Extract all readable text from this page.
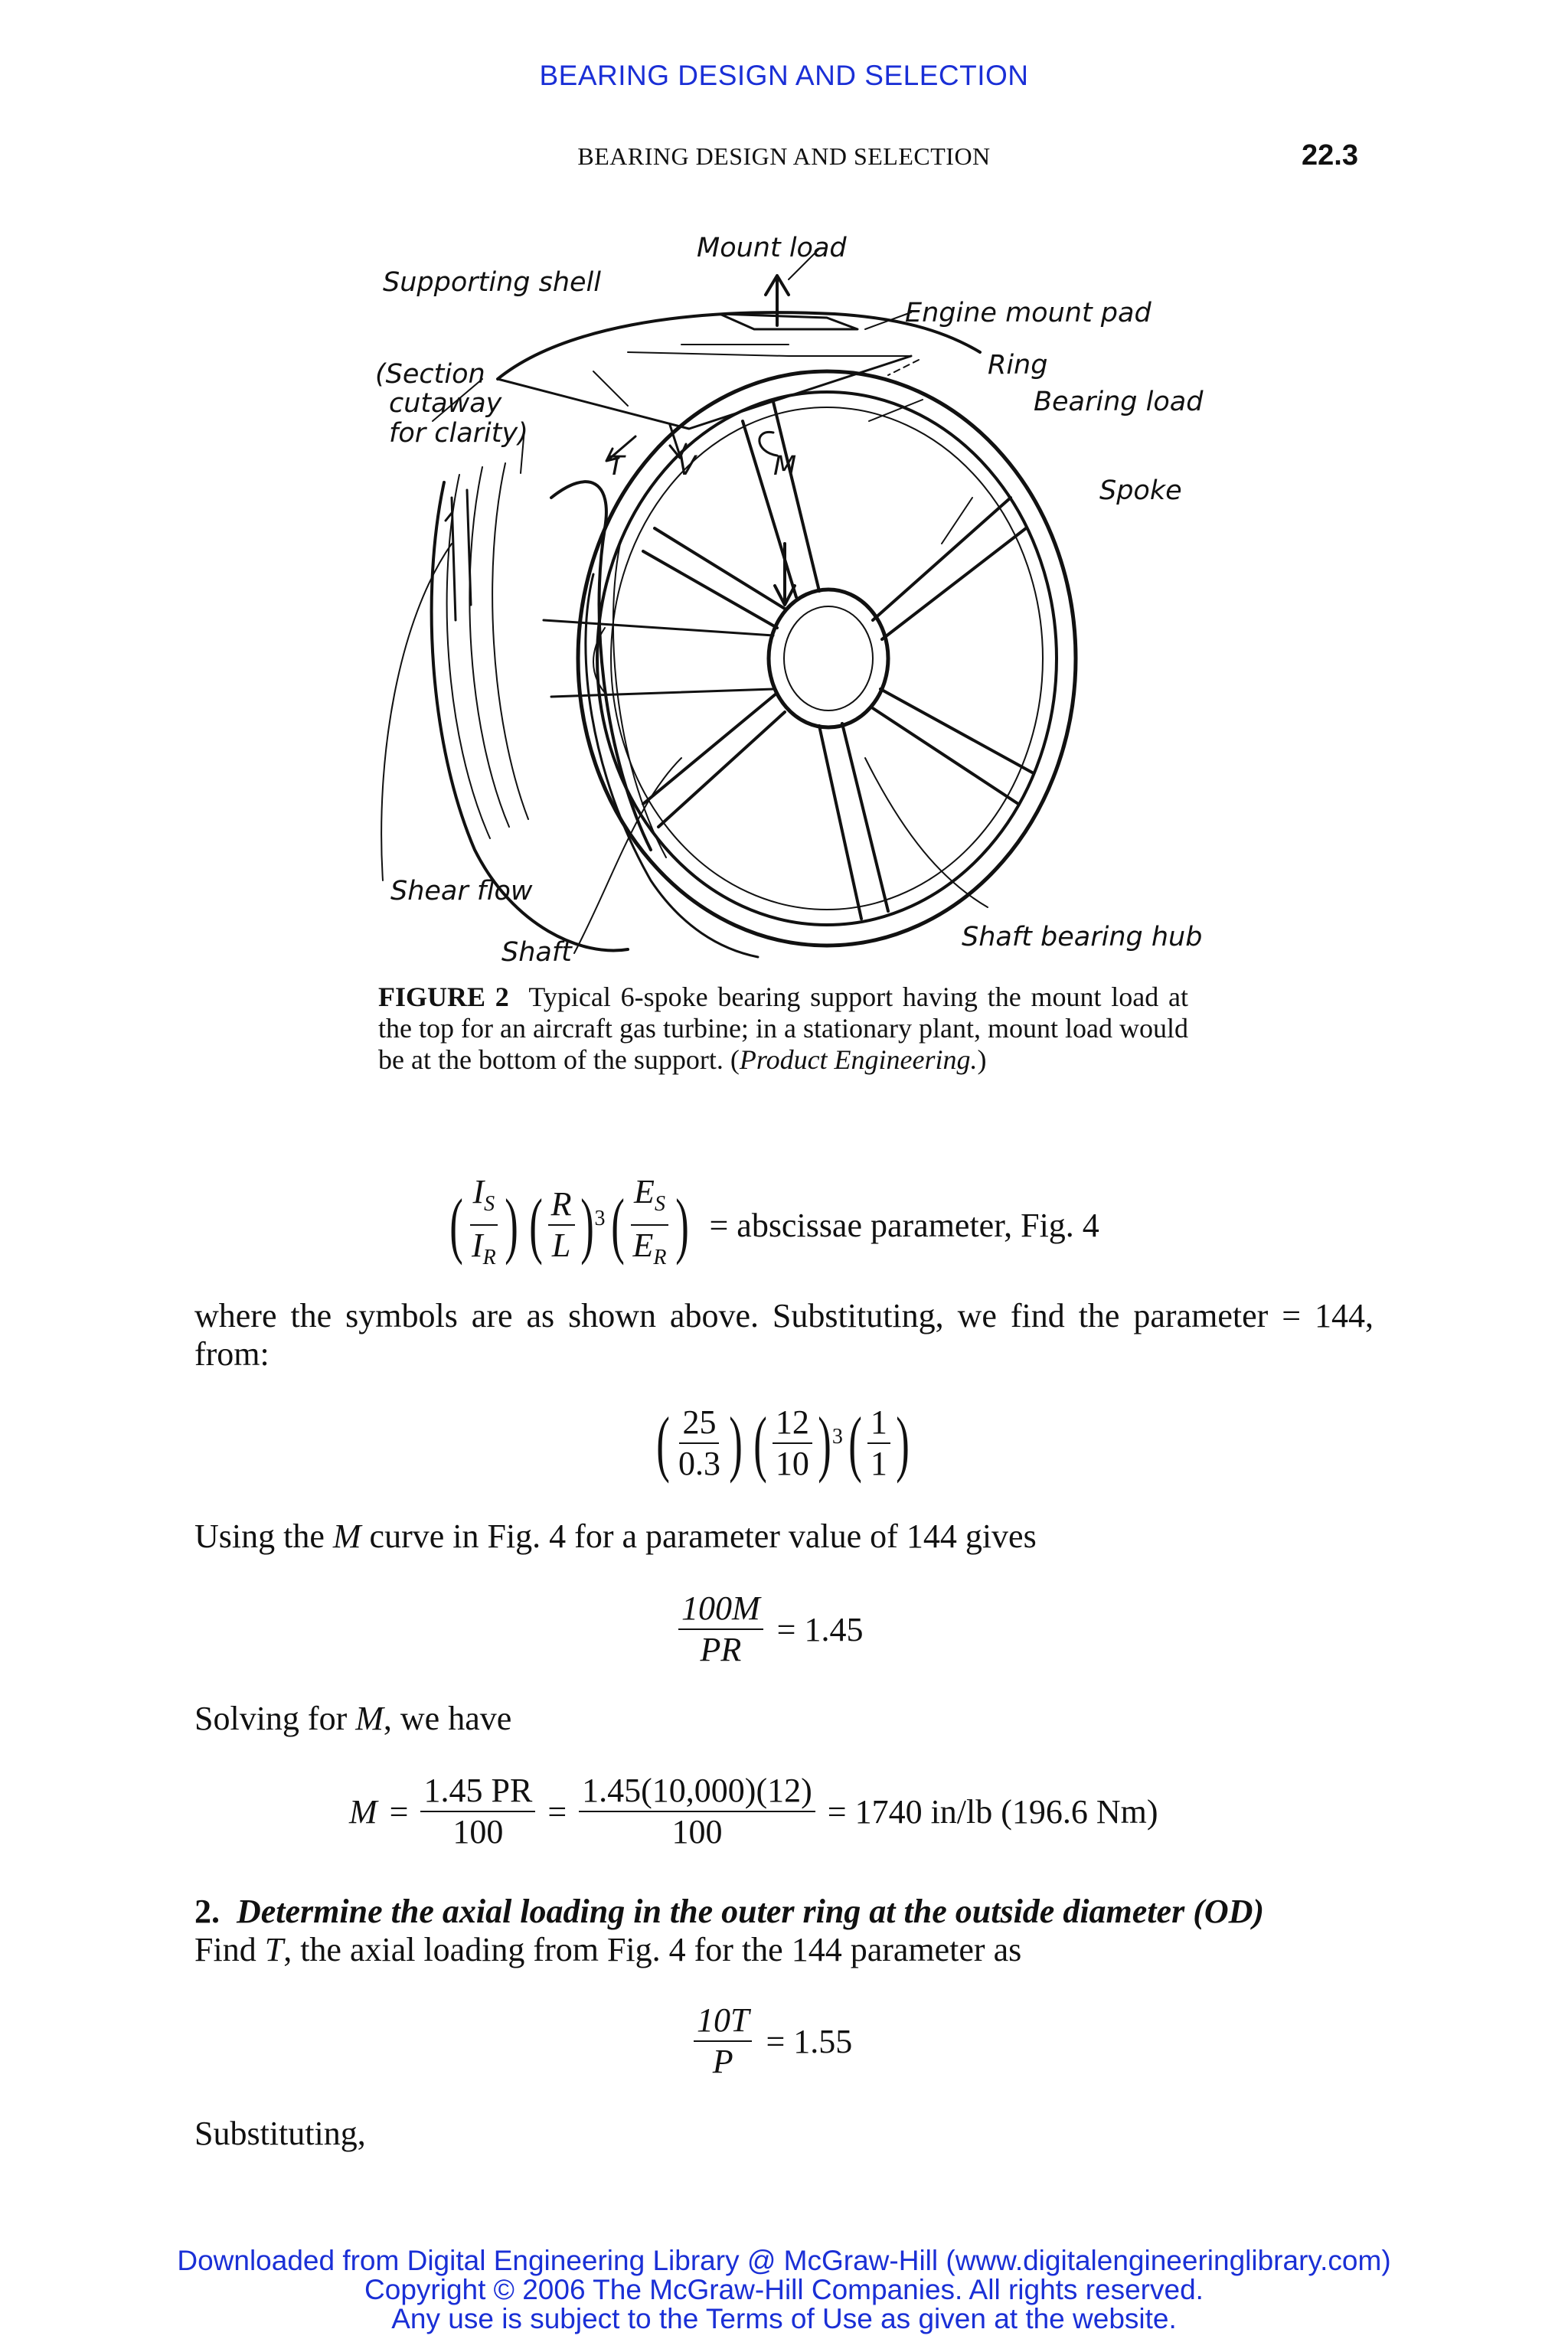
BEARING DESIGN AND SELECTION
BEARING DESIGN AND SELECTION	22.3
Mount load
Supporting shell
Engine mount pad
(Section
cutaway
for clarity)
Ring
Bearing load
T V	M
Spoke
Shear flow
Shaft	Shaft bearing hub
FIGURE 2 Typical 6-spoke bearing support having the mount load at the top for an aircraft gas turbine; in a stationary plant, mount load would be at the bottom of the support. (Product Engineering.)
( $\frac{I_S}{I_R}$ ) ( $\frac{R}{L}$ ) 3 ( $\frac{E_S}{E_R}$ ) = abscissae parameter, Fig. 4
where the symbols are as shown above. Substituting, we find the parameter = 144, from:
( $\frac{25}{0.3}$ ) ( $\frac{12}{10}$ ) 3 ( $\frac{1}{1}$ )
Using the M curve in Fig. 4 for a parameter value of 144 gives
$\frac{100M}{PR} = 1.45$
Solving for M, we have
$M = \frac{1.45 PR}{100} = \frac{1.45(10,000)(12)}{100} = 1740$ in/lb (196.6 Nm)
2. Determine the axial loading in the outer ring at the outside diameter (OD)
Find T, the axial loading from Fig. 4 for the 144 parameter as
$\frac{10T}{P} = 1.55$
Substituting,
Downloaded from Digital Engineering Library @ McGraw-Hill (www.digitalengineeringlibrary.com)
Copyright © 2006 The McGraw-Hill Companies. All rights reserved.
Any use is subject to the Terms of Use as given at the website.
